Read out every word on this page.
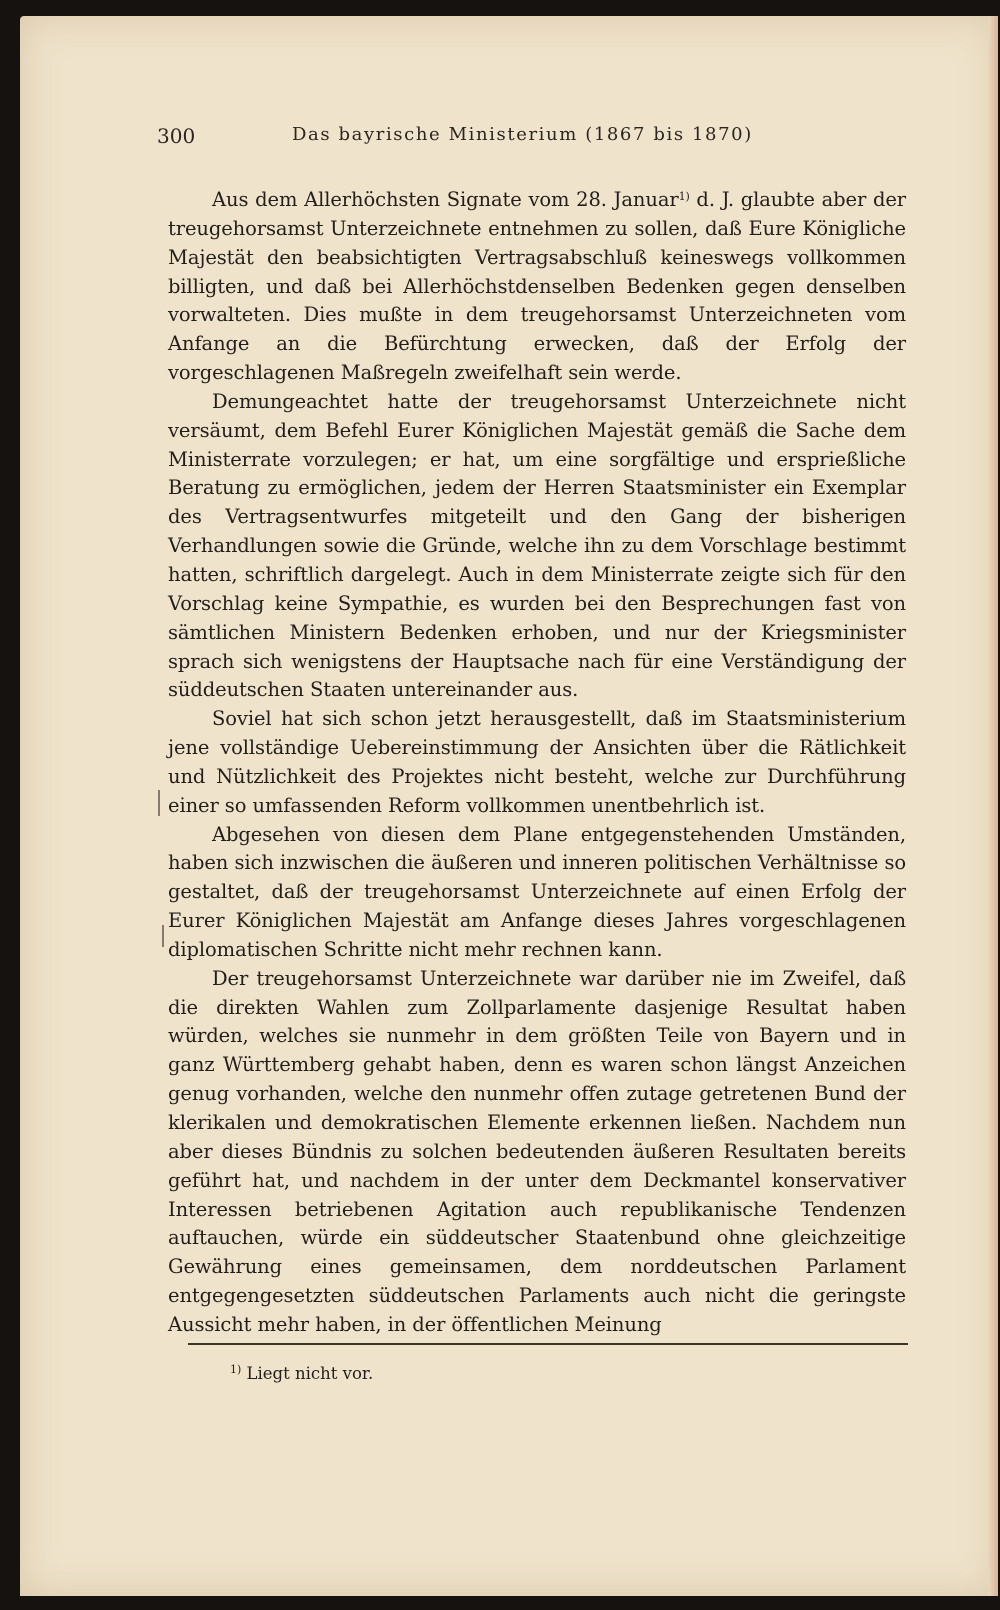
300	Das bayrische Ministerium (1867 bis 1870)

Aus dem Allerhöchsten Signate vom 28. Januar$^{1)}$ d. J. glaubte aber der treugehorsamst Unterzeichnete entnehmen zu sollen, daß Eure Königliche Majestät den beabsichtigten Vertragsabschluß keineswegs vollkommen billigten, und daß bei Allerhöchstdenselben Bedenken gegen denselben vorwalteten. Dies mußte in dem treugehorsamst Unterzeichneten vom Anfange an die Befürchtung erwecken, daß der Erfolg der vorgeschlagenen Maßregeln zweifelhaft sein werde.

Demungeachtet hatte der treugehorsamst Unterzeichnete nicht versäumt, dem Befehl Eurer Königlichen Majestät gemäß die Sache dem Ministerrate vorzulegen; er hat, um eine sorgfältige und ersprießliche Beratung zu ermöglichen, jedem der Herren Staatsminister ein Exemplar des Vertragsentwurfes mitgeteilt und den Gang der bisherigen Verhandlungen sowie die Gründe, welche ihn zu dem Vorschlage bestimmt hatten, schriftlich dargelegt. Auch in dem Ministerrate zeigte sich für den Vorschlag keine Sympathie, es wurden bei den Besprechungen fast von sämtlichen Ministern Bedenken erhoben, und nur der Kriegsminister sprach sich wenigstens der Hauptsache nach für eine Verständigung der süddeutschen Staaten untereinander aus.

Soviel hat sich schon jetzt herausgestellt, daß im Staatsministerium jene vollständige Uebereinstimmung der Ansichten über die Rätlichkeit und Nützlichkeit des Projektes nicht besteht, welche zur Durchführung einer so umfassenden Reform vollkommen unentbehrlich ist.

Abgesehen von diesen dem Plane entgegenstehenden Umständen, haben sich inzwischen die äußeren und inneren politischen Verhältnisse so gestaltet, daß der treugehorsamst Unterzeichnete auf einen Erfolg der Eurer Königlichen Majestät am Anfange dieses Jahres vorgeschlagenen diplomatischen Schritte nicht mehr rechnen kann.

Der treugehorsamst Unterzeichnete war darüber nie im Zweifel, daß die direkten Wahlen zum Zollparlamente dasjenige Resultat haben würden, welches sie nunmehr in dem größten Teile von Bayern und in ganz Württemberg gehabt haben, denn es waren schon längst Anzeichen genug vorhanden, welche den nunmehr offen zutage getretenen Bund der klerikalen und demokratischen Elemente erkennen ließen. Nachdem nun aber dieses Bündnis zu solchen bedeutenden äußeren Resultaten bereits geführt hat, und nachdem in der unter dem Deckmantel konservativer Interessen betriebenen Agitation auch republikanische Tendenzen auftauchen, würde ein süddeutscher Staatenbund ohne gleichzeitige Gewährung eines gemeinsamen, dem norddeutschen Parlament entgegengesetzten süddeutschen Parlaments auch nicht die geringste Aussicht mehr haben, in der öffentlichen Meinung

$^{1)}$ Liegt nicht vor.
